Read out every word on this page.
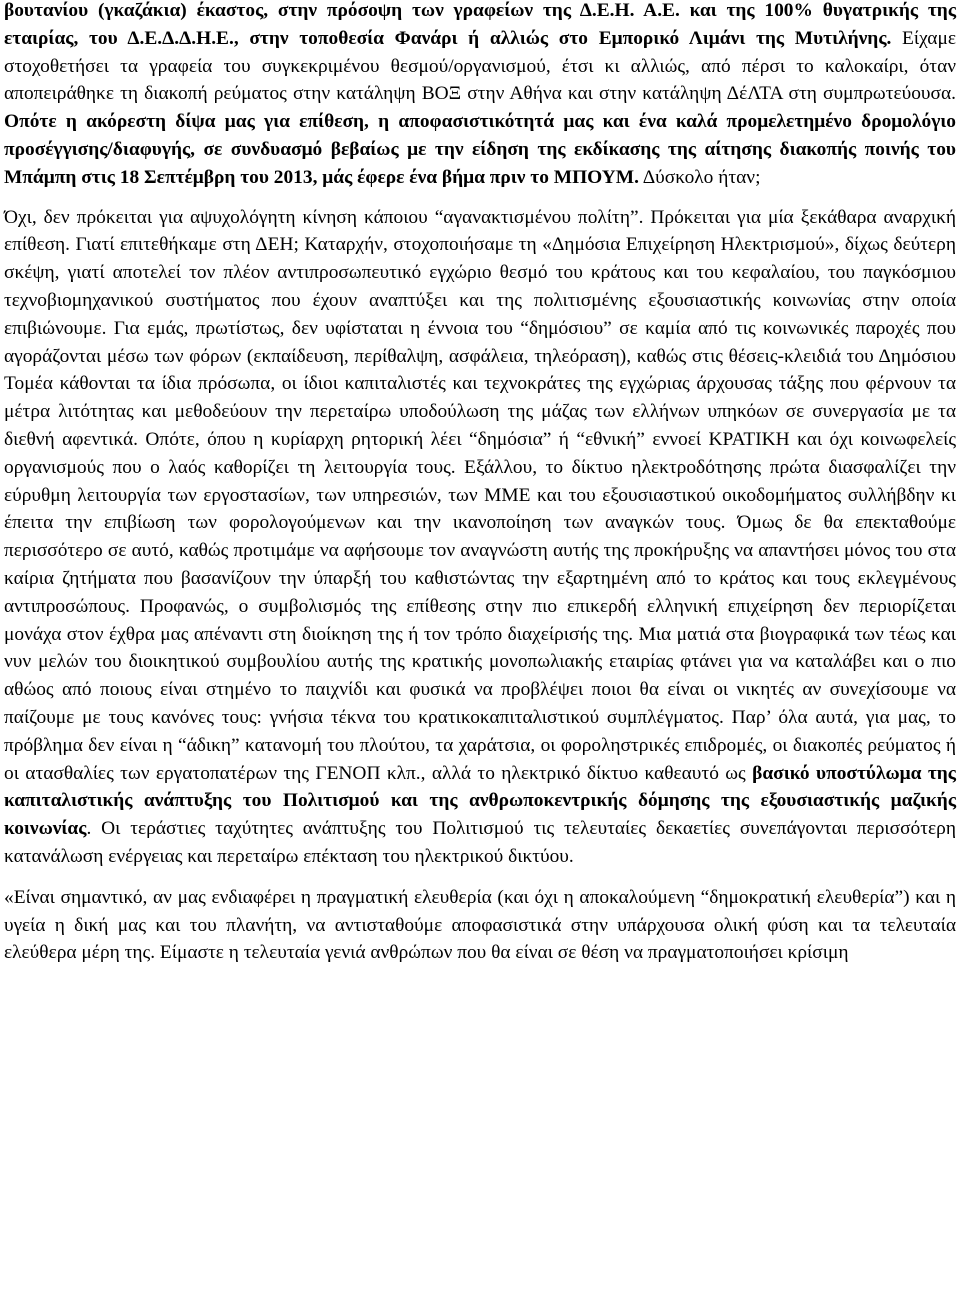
βουτανίου (γκαζάκια) έκαστος, στην πρόσοψη των γραφείων της Δ.Ε.Η. Α.Ε. και της 100% θυγατρικής της εταιρίας, του Δ.Ε.Δ.Δ.Η.Ε., στην τοποθεσία Φανάρι ή αλλιώς στο Εμπορικό Λιμάνι της Μυτιλήνης. Είχαμε στοχοθετήσει τα γραφεία του συγκεκριμένου θεσμού/οργανισμού, έτσι κι αλλιώς, από πέρσι το καλοκαίρι, όταν αποπειράθηκε τη διακοπή ρεύματος στην κατάληψη ΒΟΞ στην Αθήνα και στην κατάληψη ΔέΛΤΑ στη συμπρωτεύουσα. Οπότε η ακόρεστη δίψα μας για επίθεση, η αποφασιστικότητά μας και ένα καλά προμελετημένο δρομολόγιο προσέγγισης/διαφυγής, σε συνδυασμό βεβαίως με την είδηση της εκδίκασης της αίτησης διακοπής ποινής του Μπάμπη στις 18 Σεπτέμβρη του 2013, μάς έφερε ένα βήμα πριν το ΜΠΟΥΜ. Δύσκολο ήταν;

Όχι, δεν πρόκειται για αψυχολόγητη κίνηση κάποιου “αγανακτισμένου πολίτη”. Πρόκειται για μία ξεκάθαρα αναρχική επίθεση. Γιατί επιτεθήκαμε στη ΔΕΗ; Καταρχήν, στοχοποιήσαμε τη «Δημόσια Επιχείρηση Ηλεκτρισμού», δίχως δεύτερη σκέψη, γιατί αποτελεί τον πλέον αντιπροσωπευτικό εγχώριο θεσμό του κράτους και του κεφαλαίου, του παγκόσμιου τεχνοβιομηχανικού συστήματος που έχουν αναπτύξει και της πολιτισμένης εξουσιαστικής κοινωνίας στην οποία επιβιώνουμε. Για εμάς, πρωτίστως, δεν υφίσταται η έννοια του “δημόσιου” σε καμία από τις κοινωνικές παροχές που αγοράζονται μέσω των φόρων (εκπαίδευση, περίθαλψη, ασφάλεια, τηλεόραση), καθώς στις θέσεις-κλειδιά του Δημόσιου Τομέα κάθονται τα ίδια πρόσωπα, οι ίδιοι καπιταλιστές και τεχνοκράτες της εγχώριας άρχουσας τάξης που φέρνουν τα μέτρα λιτότητας και μεθοδεύουν την περεταίρω υποδούλωση της μάζας των ελλήνων υπηκόων σε συνεργασία με τα διεθνή αφεντικά. Οπότε, όπου η κυρίαρχη ρητορική λέει “δημόσια” ή “εθνική” εννοεί ΚΡΑΤΙΚΗ και όχι κοινωφελείς οργανισμούς που ο λαός καθορίζει τη λειτουργία τους. Εξάλλου, το δίκτυο ηλεκτροδότησης πρώτα διασφαλίζει την εύρυθμη λειτουργία των εργοστασίων, των υπηρεσιών, των ΜΜΕ και του εξουσιαστικού οικοδομήματος συλλήβδην κι έπειτα την επιβίωση των φορολογούμενων και την ικανοποίηση των αναγκών τους. Όμως δε θα επεκταθούμε περισσότερο σε αυτό, καθώς προτιμάμε να αφήσουμε τον αναγνώστη αυτής της προκήρυξης να απαντήσει μόνος του στα καίρια ζητήματα που βασανίζουν την ύπαρξή του καθιστώντας την εξαρτημένη από το κράτος και τους εκλεγμένους αντιπροσώπους. Προφανώς, ο συμβολισμός της επίθεσης στην πιο επικερδή ελληνική επιχείρηση δεν περιορίζεται μονάχα στον έχθρα μας απέναντι στη διοίκηση της ή τον τρόπο διαχείρισής της. Μια ματιά στα βιογραφικά των τέως και νυν μελών του διοικητικού συμβουλίου αυτής της κρατικής μονοπωλιακής εταιρίας φτάνει για να καταλάβει και ο πιο αθώος από ποιους είναι στημένο το παιχνίδι και φυσικά να προβλέψει ποιοι θα είναι οι νικητές αν συνεχίσουμε να παίζουμε με τους κανόνες τους: γνήσια τέκνα του κρατικοκαπιταλιστικού συμπλέγματος. Παρ’ όλα αυτά, για μας, το πρόβλημα δεν είναι η “άδικη” κατανομή του πλούτου, τα χαράτσια, οι φοροληστρικές επιδρομές, οι διακοπές ρεύματος ή οι ατασθαλίες των εργατοπατέρων της ΓΕΝΟΠ κλπ., αλλά το ηλεκτρικό δίκτυο καθεαυτό ως βασικό υποστύλωμα της καπιταλιστικής ανάπτυξης του Πολιτισμού και της ανθρωποκεντρικής δόμησης της εξουσιαστικής μαζικής κοινωνίας. Οι τεράστιες ταχύτητες ανάπτυξης του Πολιτισμού τις τελευταίες δεκαετίες συνεπάγονται περισσότερη κατανάλωση ενέργειας και περεταίρω επέκταση του ηλεκτρικού δικτύου.

«Είναι σημαντικό, αν μας ενδιαφέρει η πραγματική ελευθερία (και όχι η αποκαλούμενη “δημοκρατική ελευθερία”) και η υγεία η δική μας και του πλανήτη, να αντισταθούμε αποφασιστικά στην υπάρχουσα ολική φύση και τα τελευταία ελεύθερα μέρη της. Είμαστε η τελευταία γενιά ανθρώπων που θα είναι σε θέση να πραγματοποιήσει κρίσιμη
